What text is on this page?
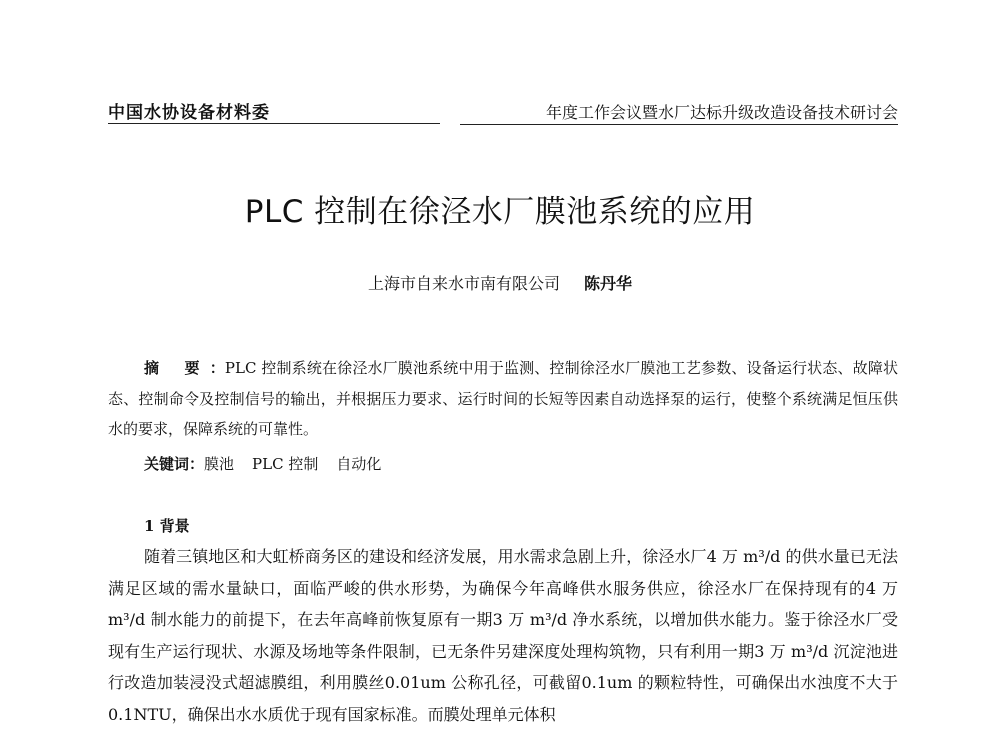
中国水协设备材料委	年度工作会议暨水厂达标升级改造设备技术研讨会
PLC 控制在徐泾水厂膜池系统的应用
上海市自来水市南有限公司 陈丹华
摘 要：PLC 控制系统在徐泾水厂膜池系统中用于监测、控制徐泾水厂膜池工艺参数、设备运行状态、故障状态、控制命令及控制信号的输出，并根据压力要求、运行时间的长短等因素自动选择泵的运行，使整个系统满足恒压供水的要求，保障系统的可靠性。
关键词：膜池 PLC 控制 自动化
1 背景
随着三镇地区和大虹桥商务区的建设和经济发展，用水需求急剧上升，徐泾水厂4 万 m³/d 的供水量已无法满足区域的需水量缺口，面临严峻的供水形势，为确保今年高峰供水服务供应，徐泾水厂在保持现有的4 万 m³/d 制水能力的前提下，在去年高峰前恢复原有一期3 万 m³/d 净水系统，以增加供水能力。鉴于徐泾水厂受现有生产运行现状、水源及场地等条件限制，已无条件另建深度处理构筑物，只有利用一期3 万 m³/d 沉淀池进行改造加装浸没式超滤膜组，利用膜丝0.01um 公称孔径，可截留0.1um 的颗粒特性，可确保出水浊度不大于0.1NTU，确保出水水质优于现有国家标准。而膜处理单元体积
